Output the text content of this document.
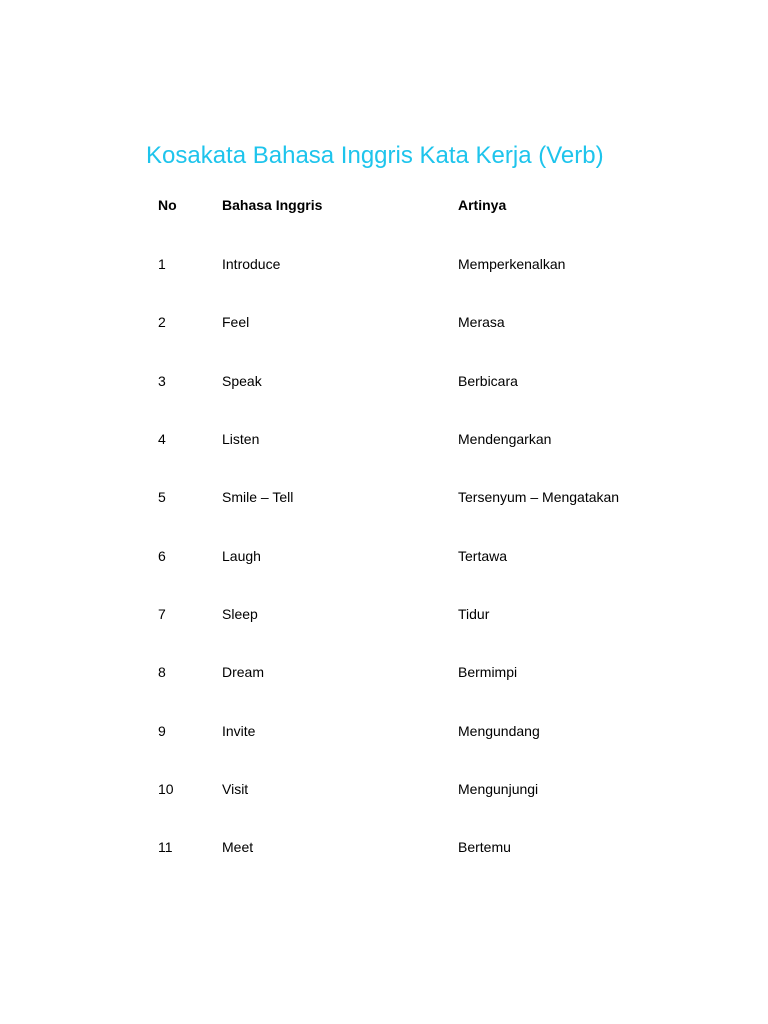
Kosakata Bahasa Inggris Kata Kerja (Verb)
No	Bahasa Inggris	Artinya
1	Introduce	Memperkenalkan
2	Feel	Merasa
3	Speak	Berbicara
4	Listen	Mendengarkan
5	Smile – Tell	Tersenyum – Mengatakan
6	Laugh	Tertawa
7	Sleep	Tidur
8	Dream	Bermimpi
9	Invite	Mengundang
10	Visit	Mengunjungi
11	Meet	Bertemu
